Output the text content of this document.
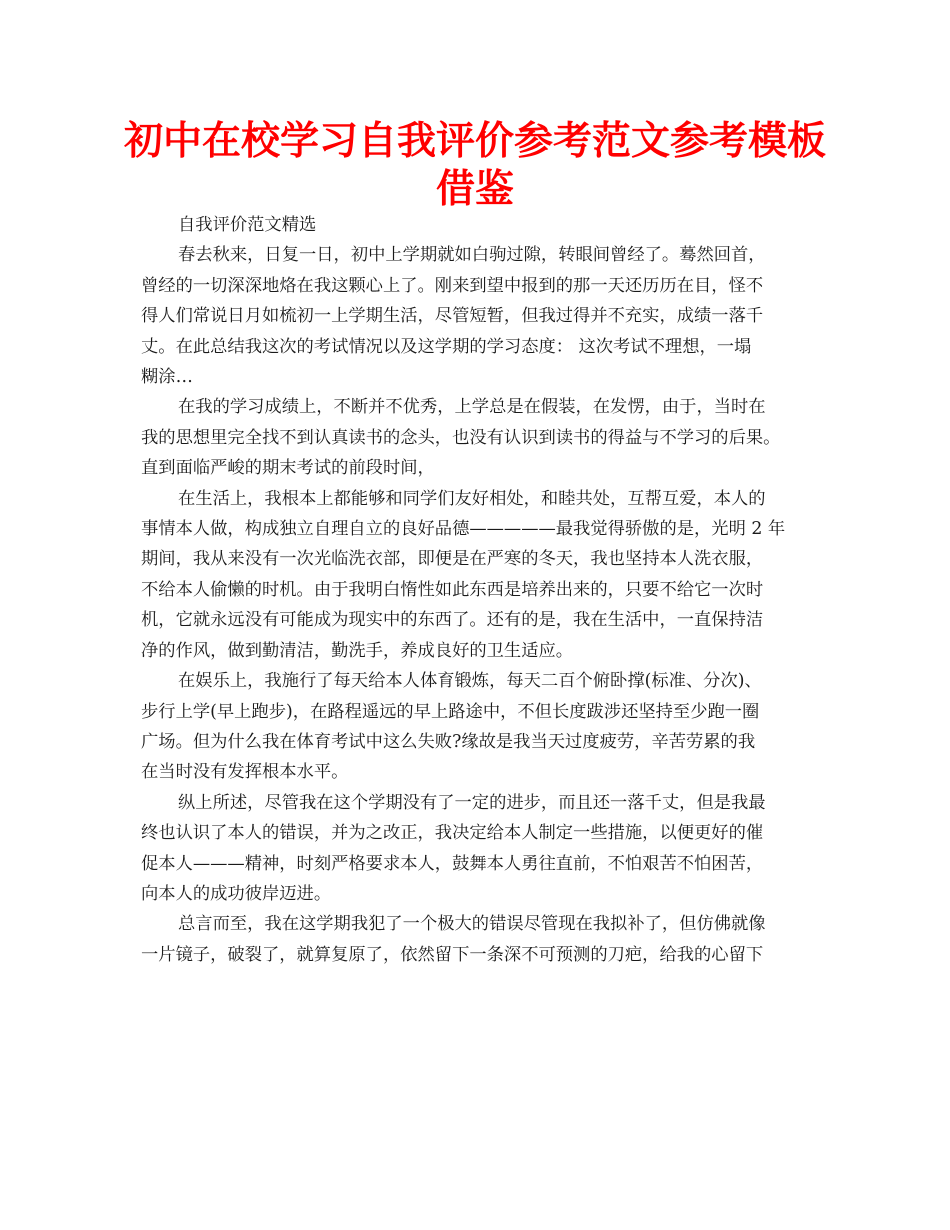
初中在校学习自我评价参考范文参考模板
借鉴

自我评价范文精选

春去秋来，日复一日，初中上学期就如白驹过隙，转眼间曾经了。蓦然回首，
曾经的一切深深地烙在我这颗心上了。刚来到望中报到的那一天还历历在目，怪不
得人们常说日月如梳初一上学期生活，尽管短暂，但我过得并不充实，成绩一落千
丈。在此总结我这次的考试情况以及这学期的学习态度： 这次考试不理想，一塌
糊涂…

在我的学习成绩上，不断并不优秀，上学总是在假装，在发愣，由于，当时在
我的思想里完全找不到认真读书的念头，也没有认识到读书的得益与不学习的后果。
直到面临严峻的期末考试的前段时间，

在生活上，我根本上都能够和同学们友好相处，和睦共处，互帮互爱，本人的
事情本人做，构成独立自理自立的良好品德—————最我觉得骄傲的是，光明 2 年
期间，我从来没有一次光临洗衣部，即便是在严寒的冬天，我也坚持本人洗衣服，
不给本人偷懒的时机。由于我明白惰性如此东西是培养出来的，只要不给它一次时
机，它就永远没有可能成为现实中的东西了。还有的是，我在生活中，一直保持洁
净的作风，做到勤清洁，勤洗手，养成良好的卫生适应。

在娱乐上，我施行了每天给本人体育锻炼，每天二百个俯卧撑(标准、分次)、
步行上学(早上跑步)，在路程遥远的早上路途中，不但长度跋涉还坚持至少跑一圈
广场。但为什么我在体育考试中这么失败?缘故是我当天过度疲劳，辛苦劳累的我
在当时没有发挥根本水平。

纵上所述，尽管我在这个学期没有了一定的进步，而且还一落千丈，但是我最
终也认识了本人的错误，并为之改正，我决定给本人制定一些措施，以便更好的催
促本人———精神，时刻严格要求本人，鼓舞本人勇往直前，不怕艰苦不怕困苦，
向本人的成功彼岸迈进。

总言而至，我在这学期我犯了一个极大的错误尽管现在我拟补了，但仿佛就像
一片镜子，破裂了，就算复原了，依然留下一条深不可预测的刀疤，给我的心留下
